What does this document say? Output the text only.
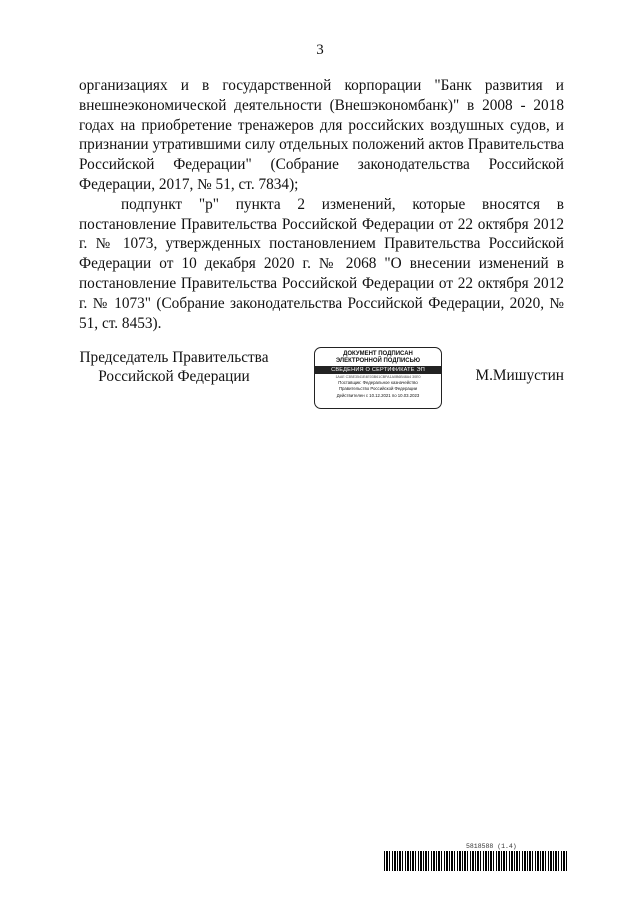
3

организациях и в государственной корпорации "Банк развития и внешнеэкономической деятельности (Внешэкономбанк)" в 2008 - 2018 годах на приобретение тренажеров для российских воздушных судов, и признании утратившими силу отдельных положений актов Правительства Российской Федерации" (Собрание законодательства Российской Федерации, 2017, № 51, ст. 7834);

подпункт "р" пункта 2 изменений, которые вносятся в постановление Правительства Российской Федерации от 22 октября 2012 г. № 1073, утвержденных постановлением Правительства Российской Федерации от 10 декабря 2020 г. № 2068 "О внесении изменений в постановление Правительства Российской Федерации от 22 октября 2012 г. № 1073" (Собрание законодательства Российской Федерации, 2020, № 51, ст. 8453).

Председатель Правительства
Российской Федерации
ДОКУМЕНТ ПОДПИСАН
ЭЛЕКТРОННОЙ ПОДПИСЬЮ
СВЕДЕНИЯ О СЕРТИФИКАТЕ ЭП
1AAE C3BE3541E4E03B61CBFA1A0B6B48A4 30E0
Поставщик: Федеральное казначейство
Правительство Российской Федерации
Действителен с 10.12.2021 по 10.03.2023
М.Мишустин
5818588 (1.4)
